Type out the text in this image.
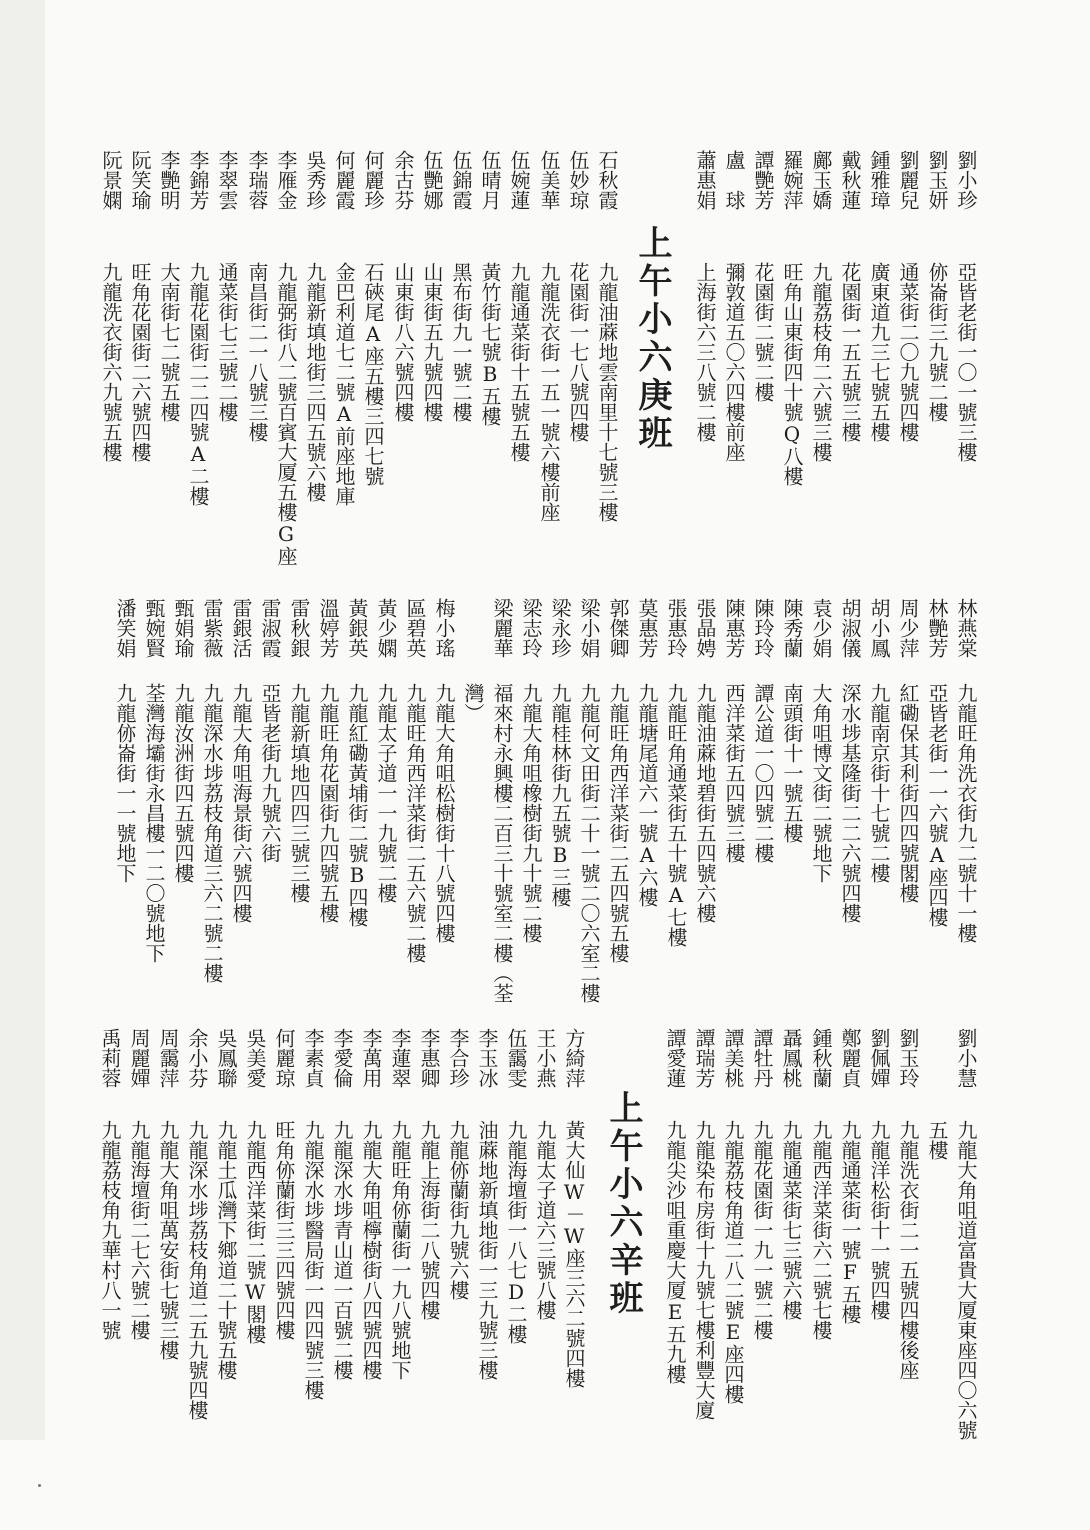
劉小珍
亞皆老街一〇一號三樓
劉玉妍
㑊崙街三九號二樓
劉麗兒
通菜街二〇九號四樓
鍾雅璋
廣東道九三七號五樓
戴秋蓮
花園街一五五號三樓
鄺玉嬌
九龍荔枝角二六號三樓
羅婉萍
旺角山東街四十號Q八樓
譚艷芳
花園街二號二樓
盧　球
彌敦道五〇六四樓前座
蕭惠娟
上海街六三八號二樓
石秋霞
九龍油蔴地雲南里十七號三樓
伍妙琼
花園街一七八號四樓
伍美華
九龍洗衣街一五一號六樓前座
伍婉蓮
九龍通菜街十五號五樓
伍晴月
黃竹街七號B五樓
伍錦霞
黑布街九一號二樓
伍艷娜
山東街五九號四樓
余古芬
山東街八六號四樓
何麗珍
石硤尾A座五樓三四七號
何麗霞
金巴利道七二號A前座地庫
吳秀珍
九龍新填地街三四五號六樓
李雁金
九龍弼街八二號百賓大厦五樓G座
李瑞蓉
南昌街二一八號三樓
李翠雲
通菜街七三號二樓
李錦芳
九龍花園街二二四號A二樓
李艷明
大南街七二號五樓
阮笑瑜
旺角花園街二六號四樓
阮景嫻
九龍洗衣街六九號五樓	上午小六庚班
林燕棠
九龍旺角洗衣街九二號十一樓
林艷芳
亞皆老街一一六號A座四樓
周少萍
紅磡保其利街四四號閣樓
胡小鳳
九龍南京街十七號二樓
胡淑儀
深水埗基隆街二二六號四樓
袁少娟
大角咀博文街二號地下
陳秀蘭
南頭街十一號五樓
陳玲玲
譚公道一〇四號二樓
陳惠芳
西洋菜街五四號三樓
張晶娉
九龍油蔴地碧街五四號六樓
張惠玲
九龍旺角通菜街五十號A七樓
莫惠芳
九龍塘尾道六一號A六樓
郭傑卿
九龍旺角西洋菜街二五四號五樓
梁小娟
九龍何文田街二十一號二〇六室二樓
梁永珍
九龍桂林街九五號B三樓
梁志玲
九龍大角咀橡樹街九十號二樓
梁麗華
福來村永興樓二百三十號室二樓（荃
灣）
梅小瑤
九龍大角咀松樹街十八號四樓
區碧英
九龍旺角西洋菜街二五六號二樓
黃少嫻
九龍太子道一一九號二樓
黃銀英
九龍紅磡黃埔街二號B四樓
溫婷芳
九龍旺角花園街九四號五樓
雷秋銀
九龍新填地四四三號三樓
雷淑霞
亞皆老街九九號六街
雷銀活
九龍大角咀海景街六號四樓
雷紫薇
九龍深水埗荔枝角道三六二號二樓
甄娟瑜
九龍汝洲街四五號四樓
甄婉賢
荃灣海壩街永昌樓一二〇號地下
潘笑娟
九龍㑊崙街一一號地下
劉小慧
九龍大角咀道富貴大厦東座四〇六號
五樓
劉玉玲
九龍洗衣街二一五號四樓後座
劉佩嬋
九龍洋松街十一號四樓
鄭麗貞
九龍通菜街一號F五樓
鍾秋蘭
九龍西洋菜街六二號七樓
聶鳳桃
九龍通菜街七三號六樓
譚牡丹
九龍花園街一九一號二樓
譚美桃
九龍荔枝角道二八二號E座四樓
譚瑞芳
九龍染布房街十九號七樓利豐大廈
譚愛蓮
九龍尖沙咀重慶大厦E五九樓
方綺萍
黃大仙W－W座三六二號四樓
王小燕
九龍太子道六三號八樓
伍靄雯
九龍海壇街一八七D二樓
李玉冰
油蔴地新填地街一三九號三樓
李合珍
九龍㑊蘭街九號六樓
李惠卿
九龍上海街二八號四樓
李蓮翠
九龍旺角㑊蘭街一九八號地下
李萬用
九龍大角咀檸樹街八四號四樓
李愛倫
九龍深水埗青山道一百號二樓
李素貞
九龍深水埗醫局街一四四號三樓
何麗琼
旺角㑊蘭街三三四號四樓
吳美愛
九龍西洋菜街二號W閣樓
吳鳳聯
九龍土瓜灣下鄉道二十號五樓
余小芬
九龍深水埗荔枝角道二五九號四樓
周靄萍
九龍大角咀萬安街七號三樓
周麗嬋
九龍海壇街二七六號二樓
禹莉蓉
九龍荔枝角九華村八一號	上午小六辛班
